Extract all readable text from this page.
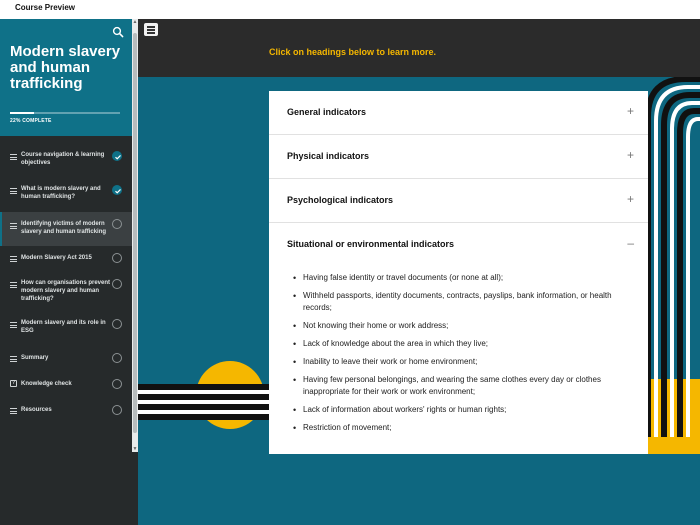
Course Preview
Modern slavery and human trafficking
22% COMPLETE
Course navigation & learning objectives
What is modern slavery and human trafficking?
Identifying victims of modern slavery and human trafficking
Modern Slavery Act 2015
How can organisations prevent modern slavery and human trafficking?
Modern slavery and its role in ESG
Summary
? Knowledge check
Resources
▲
▼
Click on headings below to learn more.
General indicators	+
Physical indicators	+
Psychological indicators	+
Situational or environmental indicators	–
• Having false identity or travel documents (or none at all);
• Withheld passports, identity documents, contracts, payslips, bank information, or health records;
• Not knowing their home or work address;
• Lack of knowledge about the area in which they live;
• Inability to leave their work or home environment;
• Having few personal belongings, and wearing the same clothes every day or clothes inappropriate for their work or work environment;
• Lack of information about workers' rights or human rights;
• Restriction of movement;
